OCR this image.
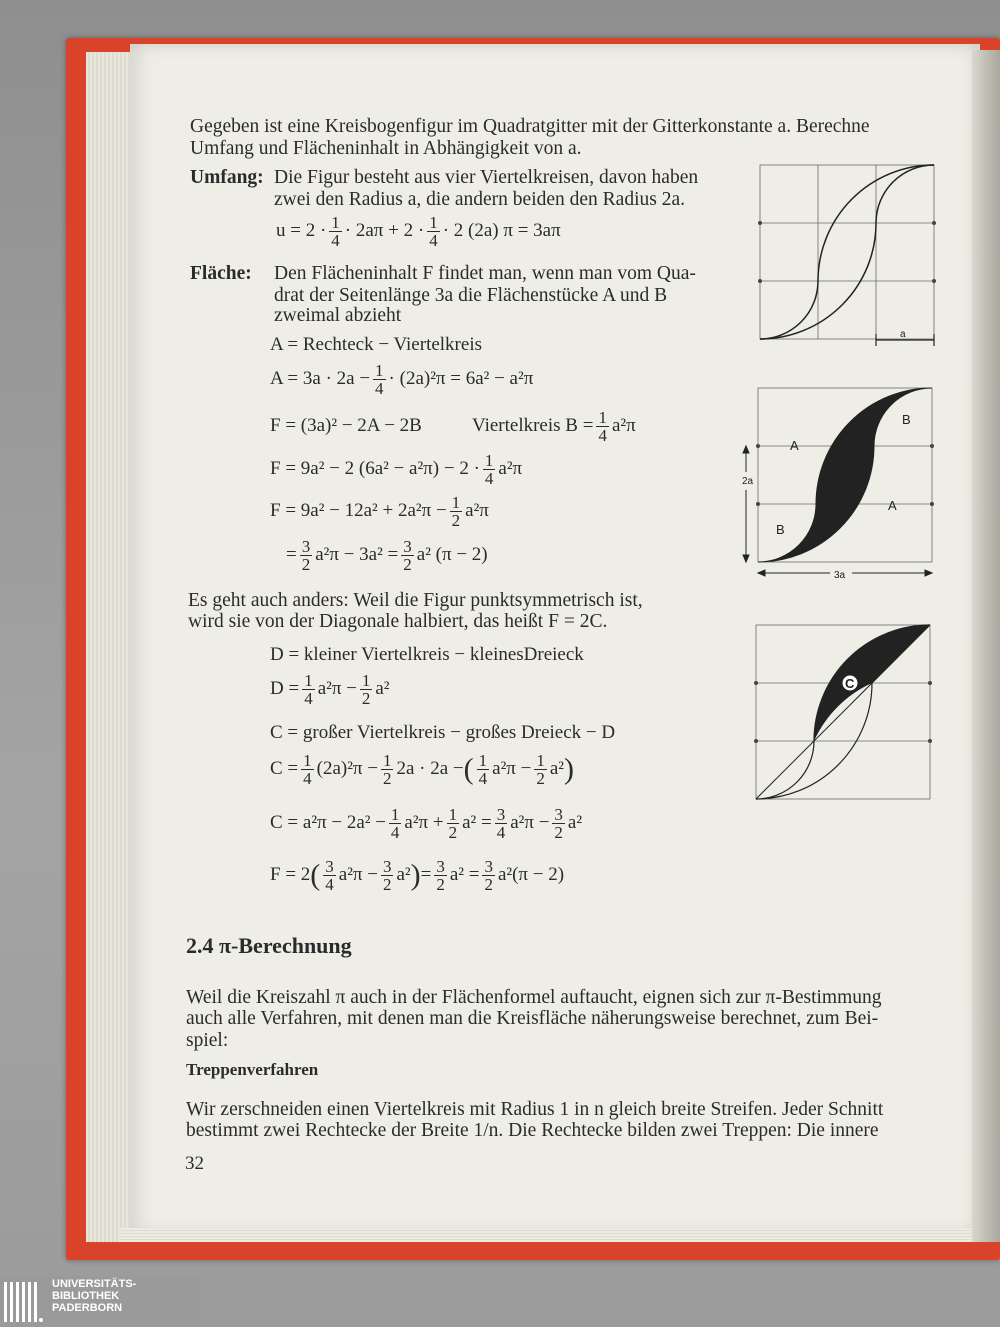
Gegeben ist eine Kreisbogenfigur im Quadratgitter mit der Gitterkonstante a. Berechne
Umfang und Flächeninhalt in Abhängigkeit von a.
Umfang: Die Figur besteht aus vier Viertelkreisen, davon haben
zwei den Radius a, die andern beiden den Radius 2a.
$u = 2 \cdot \frac{1}{4} \cdot 2a\pi + 2 \cdot \frac{1}{4} \cdot 2$ (2a) π = 3aπ
Fläche: Den Flächeninhalt F findet man, wenn man vom Qua-
drat der Seitenlänge 3a die Flächenstücke A und B
zweimal abzieht
A = Rechteck − Viertelkreis
$A = 3a \cdot 2a - \frac{1}{4} \cdot (2a)^2\pi = 6a^2 - a^2\pi$
F = (3a)² − 2A − 2B	Viertelkreis $B = \frac{1}{4} a^2\pi$
F = 9a² − 2 $(6a^2 - a^2\pi) - 2 \cdot \frac{1}{4} a^2\pi$
$F = 9a^2 - 12a^2 + 2a^2\pi - \frac{1}{2} a^2\pi$
= $\frac{3}{2} a^2\pi - 3a^2 = \frac{3}{2} a^2$ (π − 2)
Es geht auch anders: Weil die Figur punktsymmetrisch ist,
wird sie von der Diagonale halbiert, das heißt F = 2C.
D = kleiner Viertelkreis − kleinesDreieck
$D = \frac{1}{4} a^2\pi - \frac{1}{2} a^2$
C = großer Viertelkreis − großes Dreieck − D
$C = \frac{1}{4} (2a)^2\pi - \frac{1}{2} 2a \cdot 2a$ −( $\frac{1}{4} a^2\pi - \frac{1}{2} a^2$)
$C = a^2\pi - 2a^2 - \frac{1}{4} a^2\pi + \frac{1}{2} a^2 = \frac{3}{4} a^2\pi - \frac{3}{2} a^2$
$F = 2( \frac{3}{4} a^2\pi - \frac{3}{2} a^2)= \frac{3}{2} a^2 = \frac{3}{2} a^2(\pi - 2)$
2.4 π-Berechnung
Weil die Kreiszahl π auch in der Flächenformel auftaucht, eignen sich zur π-Bestimmung
auch alle Verfahren, mit denen man die Kreisfläche näherungsweise berechnet, zum Bei-
spiel:
Treppenverfahren
Wir zerschneiden einen Viertelkreis mit Radius 1 in n gleich breite Streifen. Jeder Schnitt
bestimmt zwei Rechtecke der Breite 1/n. Die Rechtecke bilden zwei Treppen: Die innere
32
a
A
B
A
B
2a
3a
C
D
UNIVERSITÄTS-
BIBLIOTHEK
PADERBORN
